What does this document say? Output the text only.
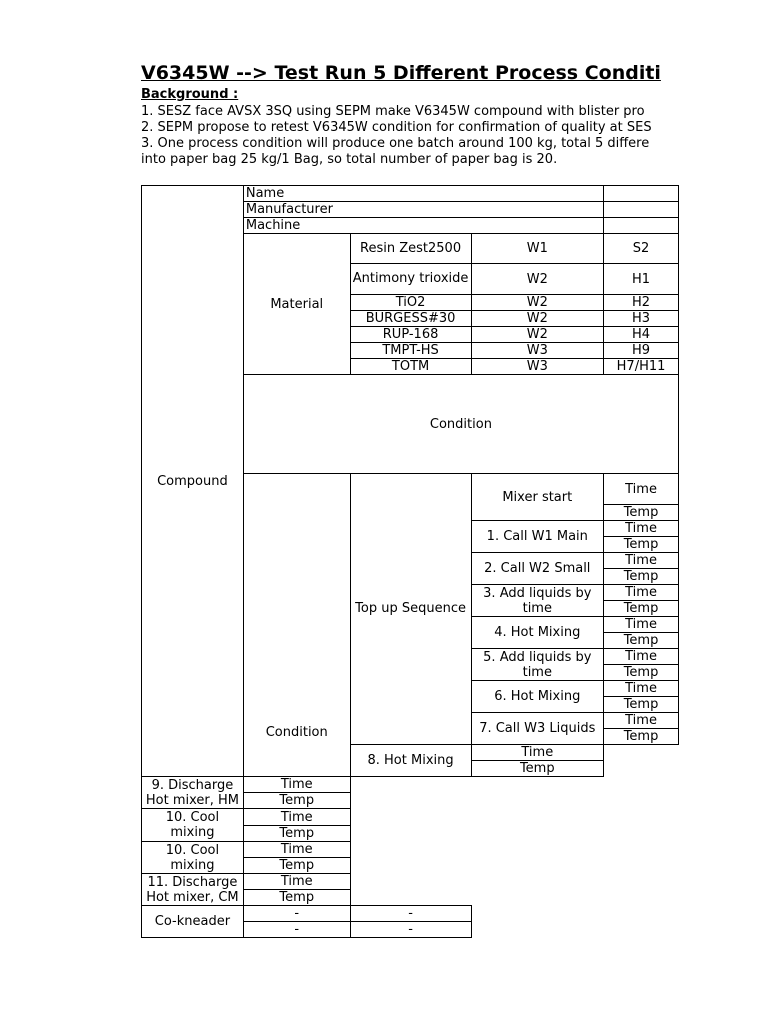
V6345W --> Test Run 5 Different Process Conditi
Background :
1. SESZ face AVSX 3SQ using SEPM make V6345W compound with blister pro
2. SEPM propose to retest V6345W condition for confirmation of quality at SES
3. One process condition will produce one batch around 100 kg, total 5 differe
into paper bag 25 kg/1 Bag, so total number of paper bag is 20.
Compound	Name			
	Manufacturer			
	Machine			
	Material	Resin Zest2500	W1	S2
		Antimony trioxide	W2	H1
		TiO2	W2	H2
		BURGESS#30	W2	H3
		RUP-168	W2	H4
		TMPT-HS	W3	H9
		TOTM	W3	H7/H11
	Condition			
	Condition	Top up Sequence	Mixer start	Time
				Temp
			1. Call W1 Main	Time
				Temp
			2. Call W2 Small	Time
				Temp
			3. Add liquids by time	Time
				Temp
			4. Hot Mixing	Time
				Temp
			5. Add liquids by time	Time
				Temp
			6. Hot Mixing	Time
				Temp
			7. Call W3 Liquids	Time
				Temp
		8. Hot Mixing	Time	
			Temp	
9. Discharge Hot mixer, HM	Time			
	Temp			
10. Cool mixing	Time			
	Temp			
10. Cool mixing	Time			
	Temp			
11. Discharge Hot mixer, CM	Time			
	Temp			
Co-kneader	-	-		
	-	-		
